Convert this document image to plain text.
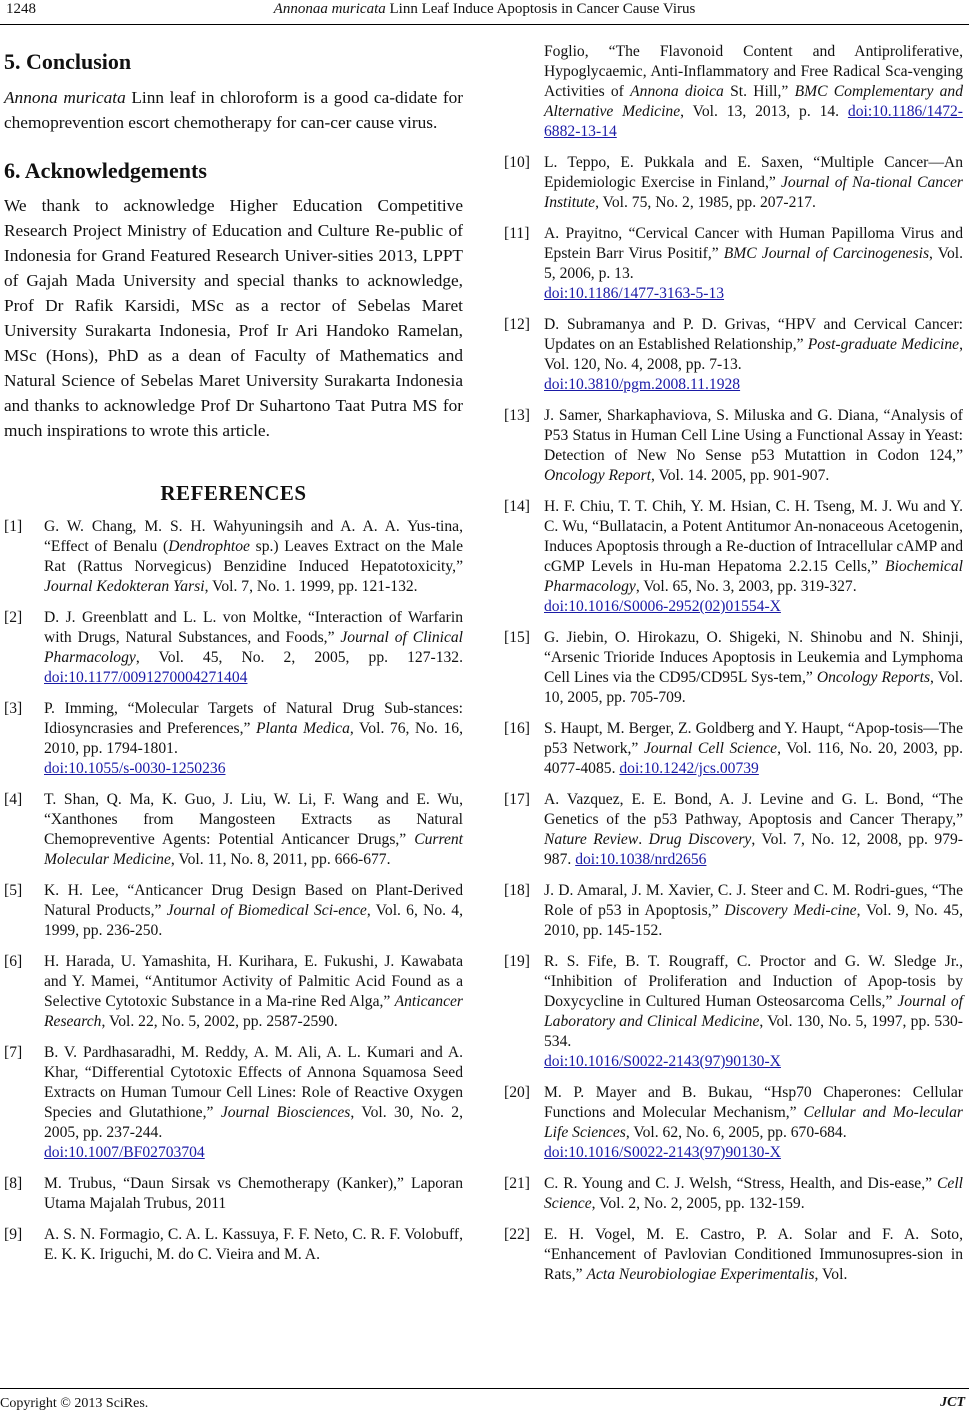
1248	Annonaa muricata Linn Leaf Induce Apoptosis in Cancer Cause Virus
5. Conclusion

Annona muricata Linn leaf in chloroform is a good ca-didate for chemoprevention escort chemotherapy for can-cer cause virus.

6. Acknowledgements

We thank to acknowledge Higher Education Competitive Research Project Ministry of Education and Culture Re-public of Indonesia for Grand Featured Research Univer-sities 2013, LPPT of Gajah Mada University and special thanks to acknowledge, Prof Dr Rafik Karsidi, MSc as a rector of Sebelas Maret University Surakarta Indonesia, Prof Ir Ari Handoko Ramelan, MSc (Hons), PhD as a dean of Faculty of Mathematics and Natural Science of Sebelas Maret University Surakarta Indonesia and thanks to acknowledge Prof Dr Suhartono Taat Putra MS for much inspirations to wrote this article.

REFERENCES
[1]	G. W. Chang, M. S. H. Wahyuningsih and A. A. A. Yus-tina, “Effect of Benalu (Dendrophtoe sp.) Leaves Extract on the Male Rat (Rattus Norvegicus) Benzidine Induced Hepatotoxicity,” Journal Kedokteran Yarsi, Vol. 7, No. 1. 1999, pp. 121-132.
[2]	D. J. Greenblatt and L. L. von Moltke, “Interaction of Warfarin with Drugs, Natural Substances, and Foods,” Journal of Clinical Pharmacology, Vol. 45, No. 2, 2005, pp. 127-132. doi:10.1177/0091270004271404
[3]	P. Imming, “Molecular Targets of Natural Drug Sub-stances: Idiosyncrasies and Preferences,” Planta Medica, Vol. 76, No. 16, 2010, pp. 1794-1801.
doi:10.1055/s-0030-1250236
[4]	T. Shan, Q. Ma, K. Guo, J. Liu, W. Li, F. Wang and E. Wu, “Xanthones from Mangosteen Extracts as Natural Chemopreventive Agents: Potential Anticancer Drugs,” Current Molecular Medicine, Vol. 11, No. 8, 2011, pp. 666-677.
[5]	K. H. Lee, “Anticancer Drug Design Based on Plant-Derived Natural Products,” Journal of Biomedical Sci-ence, Vol. 6, No. 4, 1999, pp. 236-250.
[6]	H. Harada, U. Yamashita, H. Kurihara, E. Fukushi, J. Kawabata and Y. Mamei, “Antitumor Activity of Palmitic Acid Found as a Selective Cytotoxic Substance in a Ma-rine Red Alga,” Anticancer Research, Vol. 22, No. 5, 2002, pp. 2587-2590.
[7]	B. V. Pardhasaradhi, M. Reddy, A. M. Ali, A. L. Kumari and A. Khar, “Differential Cytotoxic Effects of Annona Squamosa Seed Extracts on Human Tumour Cell Lines: Role of Reactive Oxygen Species and Glutathione,” Journal Biosciences, Vol. 30, No. 2, 2005, pp. 237-244.
doi:10.1007/BF02703704
[8]	M. Trubus, “Daun Sirsak vs Chemotherapy (Kanker),” Laporan Utama Majalah Trubus, 2011
[9]	A. S. N. Formagio, C. A. L. Kassuya, F. F. Neto, C. R. F. Volobuff, E. K. K. Iriguchi, M. do C. Vieira and M. A.
Foglio, “The Flavonoid Content and Antiproliferative, Hypoglycaemic, Anti-Inflammatory and Free Radical Sca-venging Activities of Annona dioica St. Hill,” BMC Complementary and Alternative Medicine, Vol. 13, 2013, p. 14. doi:10.1186/1472-6882-13-14
[10] L. Teppo, E. Pukkala and E. Saxen, “Multiple Cancer—An Epidemiologic Exercise in Finland,” Journal of Na-tional Cancer Institute, Vol. 75, No. 2, 1985, pp. 207-217.
[11] A. Prayitno, “Cervical Cancer with Human Papilloma Virus and Epstein Barr Virus Positif,” BMC Journal of Carcinogenesis, Vol. 5, 2006, p. 13.
doi:10.1186/1477-3163-5-13
[12] D. Subramanya and P. D. Grivas, “HPV and Cervical Cancer: Updates on an Established Relationship,” Post-graduate Medicine, Vol. 120, No. 4, 2008, pp. 7-13.
doi:10.3810/pgm.2008.11.1928
[13] J. Samer, Sharkaphaviova, S. Miluska and G. Diana, “Analysis of P53 Status in Human Cell Line Using a Functional Assay in Yeast: Detection of New No Sense p53 Mutattion in Codon 124,” Oncology Report, Vol. 14. 2005, pp. 901-907.
[14] H. F. Chiu, T. T. Chih, Y. M. Hsian, C. H. Tseng, M. J. Wu and Y. C. Wu, “Bullatacin, a Potent Antitumor An-nonaceous Acetogenin, Induces Apoptosis through a Re-duction of Intracellular cAMP and cGMP Levels in Hu-man Hepatoma 2.2.15 Cells,” Biochemical Pharmacology, Vol. 65, No. 3, 2003, pp. 319-327.
doi:10.1016/S0006-2952(02)01554-X
[15] G. Jiebin, O. Hirokazu, O. Shigeki, N. Shinobu and N. Shinji, “Arsenic Trioride Induces Apoptosis in Leukemia and Lymphoma Cell Lines via the CD95/CD95L Sys-tem,” Oncology Reports, Vol. 10, 2005, pp. 705-709.
[16] S. Haupt, M. Berger, Z. Goldberg and Y. Haupt, “Apop-tosis—The p53 Network,” Journal Cell Science, Vol. 116, No. 20, 2003, pp. 4077-4085. doi:10.1242/jcs.00739
[17] A. Vazquez, E. E. Bond, A. J. Levine and G. L. Bond, “The Genetics of the p53 Pathway, Apoptosis and Cancer Therapy,” Nature Review. Drug Discovery, Vol. 7, No. 12, 2008, pp. 979-987. doi:10.1038/nrd2656
[18] J. D. Amaral, J. M. Xavier, C. J. Steer and C. M. Rodri-gues, “The Role of p53 in Apoptosis,” Discovery Medi-cine, Vol. 9, No. 45, 2010, pp. 145-152.
[19] R. S. Fife, B. T. Rougraff, C. Proctor and G. W. Sledge Jr., “Inhibition of Proliferation and Induction of Apop-tosis by Doxycycline in Cultured Human Osteosarcoma Cells,” Journal of Laboratory and Clinical Medicine, Vol. 130, No. 5, 1997, pp. 530-534.
doi:10.1016/S0022-2143(97)90130-X
[20] M. P. Mayer and B. Bukau, “Hsp70 Chaperones: Cellular Functions and Molecular Mechanism,” Cellular and Mo-lecular Life Sciences, Vol. 62, No. 6, 2005, pp. 670-684.
doi:10.1016/S0022-2143(97)90130-X
[21] C. R. Young and C. J. Welsh, “Stress, Health, and Dis-ease,” Cell Science, Vol. 2, No. 2, 2005, pp. 132-159.
[22] E. H. Vogel, M. E. Castro, P. A. Solar and F. A. Soto, “Enhancement of Pavlovian Conditioned Immunosupres-sion in Rats,” Acta Neurobiologiae Experimentalis, Vol.
Copyright © 2013 SciRes.	JCT
